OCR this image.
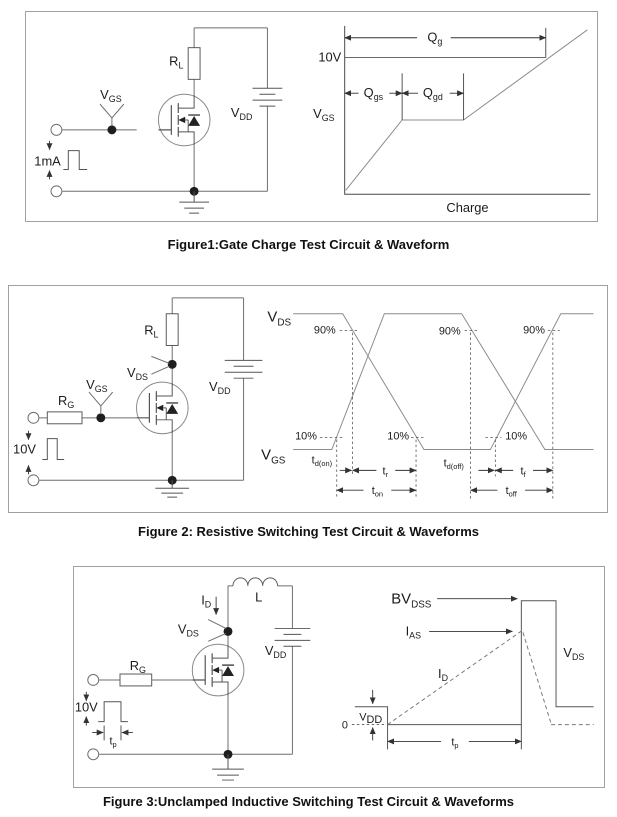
$R_L$
$V_{GS}$
$V_{DD}$
1mA
$Q_g$
$Q_{gs}$	$Q_{gd}$
10V
$V_{GS}$
Charge
Figure1:Gate Charge Test Circuit & Waveform
$R_L$
$R_G$
$V_{GS}$
$V_{DS}$
$V_{DD}$
10V
$V_{DS}$
$V_{GS}$
90%	90%	90%
10%	10%	10%
$t_{d(on)}$
$t_r$
$t_{d(off)}$	$t_f$
$t_{on}$	$t_{off}$
Figure 2: Resistive Switching Test Circuit & Waveforms
$t_p$
$I_D$	L
$V_{DS}$
$V_{DD}$
$R_G$
10V
$BV_{DSS}$
$I_{AS}$
$I_D$
$V_{DS}$
VDD
0
$t_p$
Figure 3:Unclamped Inductive Switching Test Circuit & Waveforms
